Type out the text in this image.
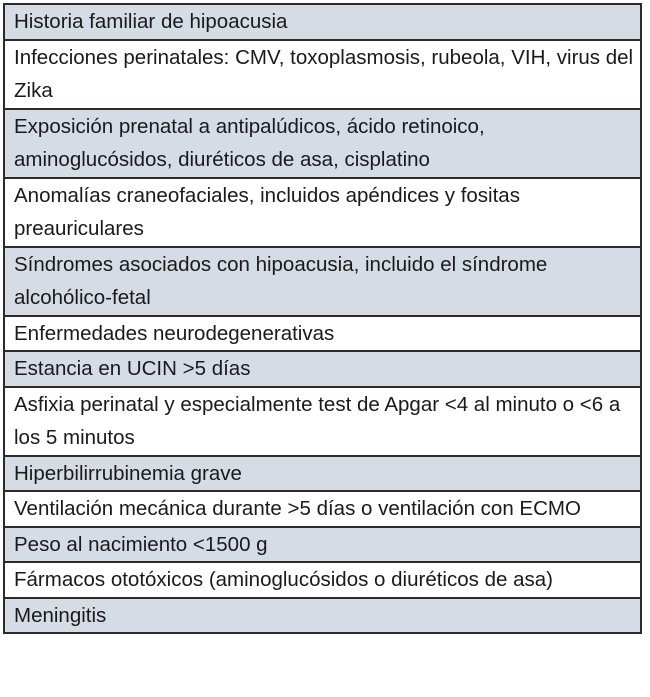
Historia familiar de hipoacusia
Infecciones perinatales: CMV, toxoplasmosis, rubeola, VIH, virus del Zika
Exposición prenatal a antipalúdicos, ácido retinoico, aminoglucósidos, diuréticos de asa, cisplatino
Anomalías craneofaciales, incluidos apéndices y fositas preauriculares
Síndromes asociados con hipoacusia, incluido el síndrome alcohólico-fetal
Enfermedades neurodegenerativas
Estancia en UCIN >5 días
Asfixia perinatal y especialmente test de Apgar <4 al minuto o <6 a los 5 minutos
Hiperbilirrubinemia grave
Ventilación mecánica durante >5 días o ventilación con ECMO
Peso al nacimiento <1500 g
Fármacos ototóxicos (aminoglucósidos o diuréticos de asa)
Meningitis
